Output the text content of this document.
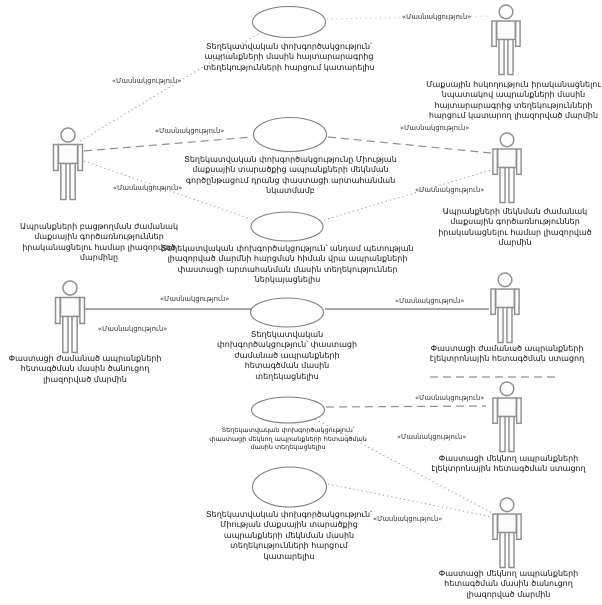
Տեղեկատվական փոխգործակցություն՝ ապրանքների մասին հայտարարագրից տեղեկությունների հարցում կատարելիս
Տեղեկատվական փոխգործակցությունը Միության մաքսային տարածքից ապրանքների մեկնման գործընթացում դրանց փաստացի արտահանման նկատմամբ
Տեղեկատվական փոխգործակցություն՝ անդամ պետության լիազորված մարմնի հարցման հիման վրա ապրանքների փաստացի արտահանման մասին տեղեկություններ ներկայացնելիս
Տեղեկատվական փոխգործակցություն՝ փաստացի ժամանած ապրանքների հետագծման մասին տեղեկացնելիս
Տեղեկատվական փոխգործակցություն՝ փաստացի մեկնող ապրանքների հետագծման մասին տեղեկացնելիս
Տեղեկատվական փոխգործակցություն՝ Միության մաքսային տարածքից ապրանքների մեկնման մասին տեղեկությունների հարցում կատարելիս
Ապրանքների բացթողման ժամանակ մաքսային գործառնություններ իրականացնելու համար լիազորված մարմինը
Փաստացի ժամանած ապրանքների հետագծման մասին ծանուցող լիազորված մարմին
Մաքսային հսկողություն իրականացնելու նպատակով ապրանքների մասին հայտարարագրից տեղեկությունների հարցում կատարող լիազորված մարմին
Ապրանքների մեկնման ժամանակ մաքսային գործառնություններ իրականացնելու համար լիազորված մարմին
Փաստացի ժամանած ապրանքների էլեկտրոնային հետագծման ստացող
Փաստացի մեկնող ապրանքների էլեկտրոնային հետագծման ստացող
Փաստացի մեկնող ապրանքների հետագծման մասին ծանուցող լիազորված մարմին
«Մասնակցություն»
«Մասնակցություն»
«Մասնակցություն»	«Մասնակցություն»
«Մասնակցություն»	«Մասնակցություն»
«Մասնակցություն»
«Մասնակցություն»
«Մասնակցություն»
«Մասնակցություն»
«Մասնակցություն»
«Մասնակցություն»
